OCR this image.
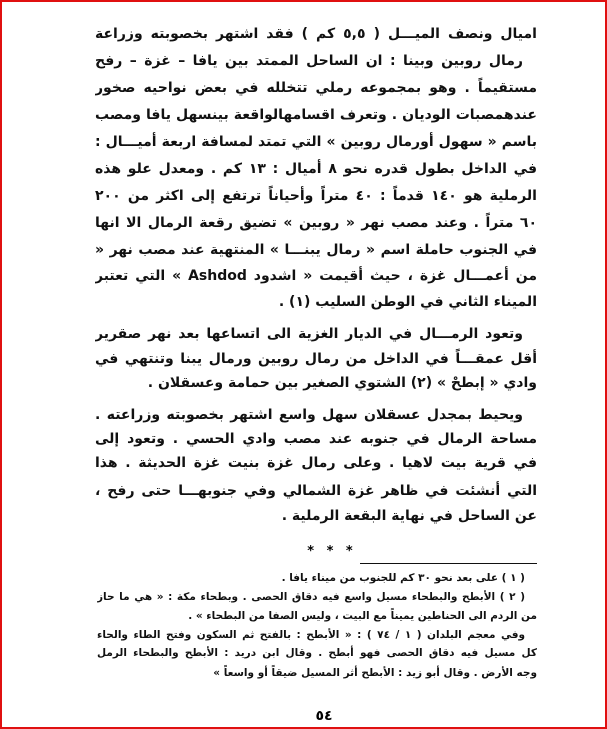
اميال ونصف الميـــل ( ٥,٥ كم ) فقد اشتهر بخصوبته وزراعة
رمال روبين وبينا : ان الساحل الممتد بين يافا – غزة – رفح
مستقيماً . وهو بمجموعه رملي تتخلله في بعض نواحيه صخور
عندهمصبات الوديان . وتعرف اقسامهالواقعة بينسهل يافا ومصب
باسم « سهول أورمال روبين » التي تمتد لمسافة اربعة أميـــال :
في الداخل بطول قدره نحو ٨ أميال : ١٣ كم . ومعدل علو هذه
الرملية هو ١٤٠ قدماً : ٤٠ متراً وأحياناً ترتفع إلى اكثر من ٢٠٠
٦٠ متراً . وعند مصب نهر « روبين » تضيق رقعة الرمال الا انها
في الجنوب حاملة اسم « رمال يبنـــا » المنتهية عند مصب نهر «
من أعمـــال غزة ، حيث أقيمت « اشدود Ashdod » التي تعتبر
الميناء الثاني في الوطن السليب (١) .
وتعود الرمـــال في الديار الغزية الى اتساعها بعد نهر صقرير
أقل عمقـــاً في الداخل من رمال روبين ورمال يبنا وتنتهي في
وادي « إبطحْ » (٢) الشتوي الصغير بين حمامة وعسقلان .
ويحيط بمجدل عسقلان سهل واسع اشتهر بخصوبته وزراعته .
مساحة الرمال في جنوبه عند مصب وادي الحسي . وتعود إلى
في قرية بيت لاهيا . وعلى رمال غزة بنيت غزة الحديثة . هذا
التي أنشئت في ظاهر غزة الشمالي وفي جنوبهـــا حتى رفح ،
عن الساحل في نهاية البقعة الرملية .
* * *
( ١ ) على بعد نحو ٣٠ كم للجنوب من ميناء يافا .
( ٢ ) الأبطح والبطحاء مسيل واسع فيه دقاق الحصى . وبطحاء مكة : « هي ما حاز
من الردم الى الحناطين يميناً مع البيت ، وليس الصفا من البطحاء » .
وفي معجم البلدان ( ١ / ٧٤ ) : « الأبطح : بالفتح ثم السكون وفتح الطاء والحاء
كل مسيل فيه دقاق الحصى فهو أبطح . وقال ابن دريد : الأبطح والبطحاء الرمل
وجه الأرض . وقال أبو زيد : الأبطح أثر المسيل ضيقاً أو واسعاً »
٥٤
